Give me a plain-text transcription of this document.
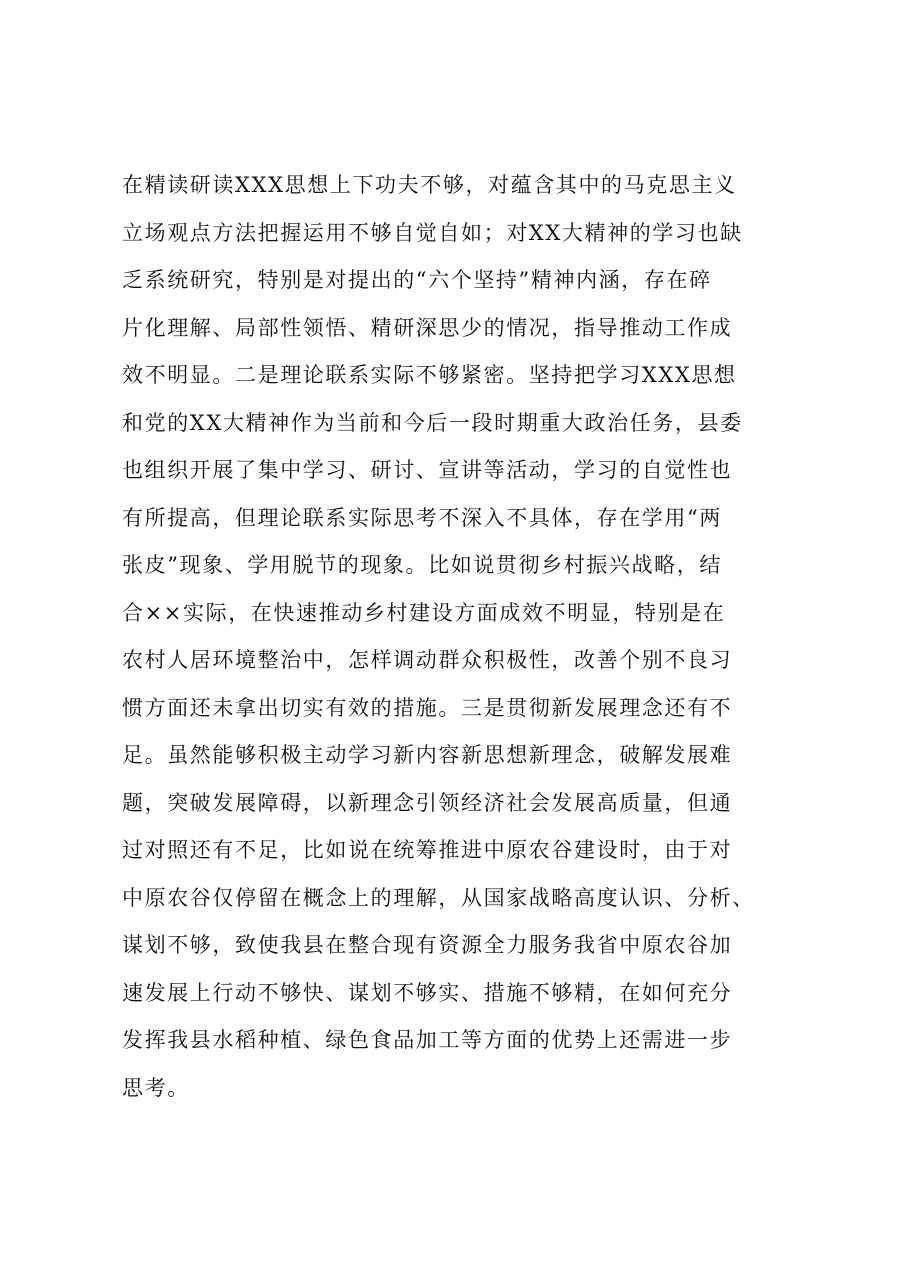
在精读研读XXX思想上下功夫不够，对蕴含其中的马克思主义
立场观点方法把握运用不够自觉自如；对XX大精神的学习也缺
乏系统研究，特别是对提出的“六个坚持”精神内涵，存在碎
片化理解、局部性领悟、精研深思少的情况，指导推动工作成
效不明显。二是理论联系实际不够紧密。坚持把学习XXX思想
和党的XX大精神作为当前和今后一段时期重大政治任务，县委
也组织开展了集中学习、研讨、宣讲等活动，学习的自觉性也
有所提高，但理论联系实际思考不深入不具体，存在学用“两
张皮”现象、学用脱节的现象。比如说贯彻乡村振兴战略，结
合××实际，在快速推动乡村建设方面成效不明显，特别是在
农村人居环境整治中，怎样调动群众积极性，改善个别不良习
惯方面还未拿出切实有效的措施。三是贯彻新发展理念还有不
足。虽然能够积极主动学习新内容新思想新理念，破解发展难
题，突破发展障碍，以新理念引领经济社会发展高质量，但通
过对照还有不足，比如说在统筹推进中原农谷建设时，由于对
中原农谷仅停留在概念上的理解，从国家战略高度认识、分析、
谋划不够，致使我县在整合现有资源全力服务我省中原农谷加
速发展上行动不够快、谋划不够实、措施不够精，在如何充分
发挥我县水稻种植、绿色食品加工等方面的优势上还需进一步
思考。
